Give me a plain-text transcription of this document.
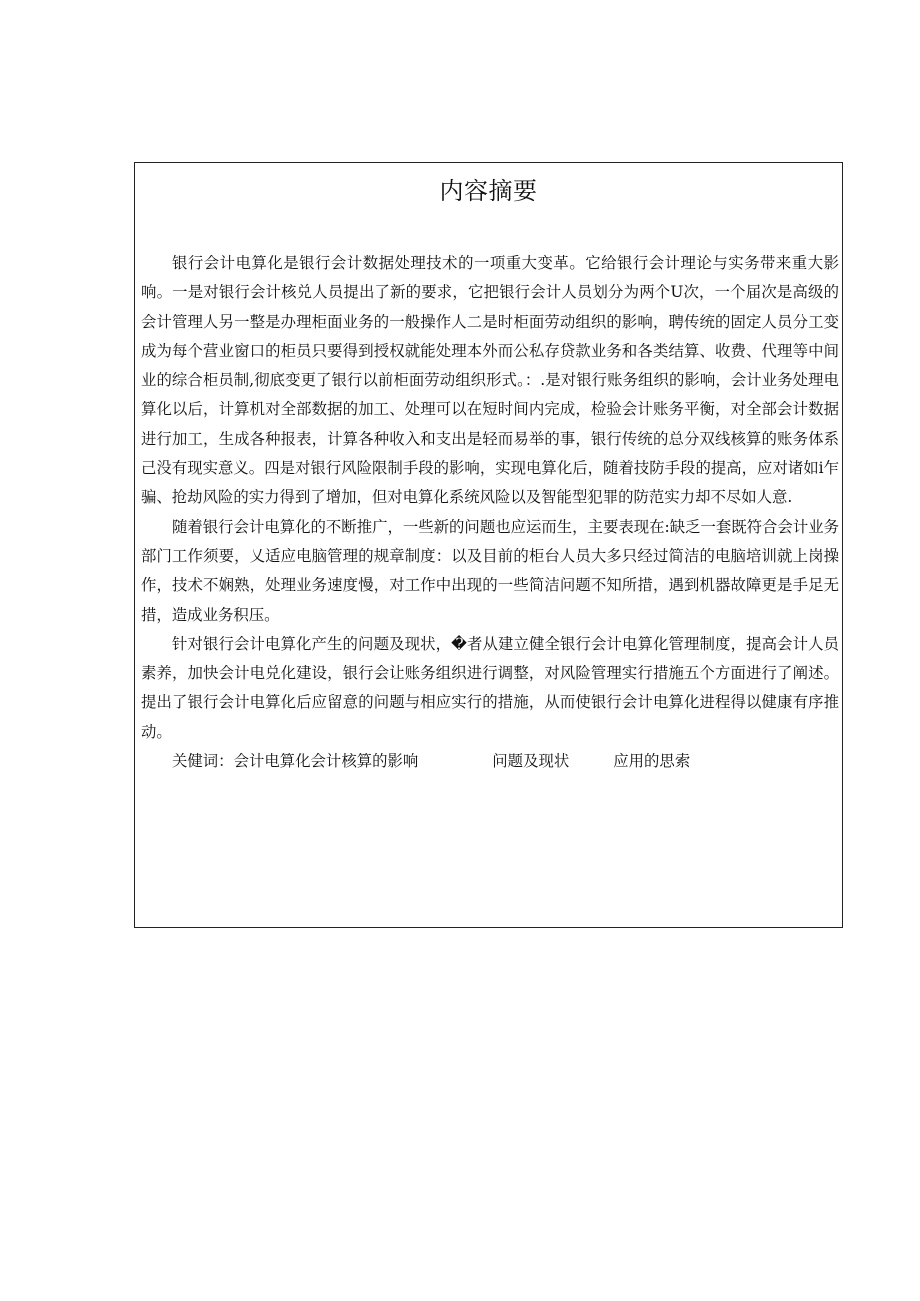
内容摘要

银行会计电算化是银行会计数据处理技术的一项重大变革。它给银行会计理论与实务带来重大影响。一是对银行会计核兑人员提出了新的要求，它把银行会计人员划分为两个U次，一个届次是高级的会计管理人另一整是办理柜面业务的一般操作人二是时柜面劳动组织的影响，聘传统的固定人员分工变成为每个营业窗口的柜员只要得到授权就能处理本外而公私存贷款业务和各类结算、收费、代理等中间业的综合柜员制,彻底变更了银行以前柜面劳动组织形式。：.是对银行账务组织的影响，会计业务处理电算化以后，计算机对全部数据的加工、处理可以在短时间内完成，检验会计账务平衡，对全部会计数据进行加工，生成各种报表，计算各种收入和支出是轻而易举的事，银行传统的总分双线核算的账务体系己没有现实意义。四是对银行风险限制手段的影响，实现电算化后，随着技防手段的提高，应对诸如i乍骗、抢劫风险的实力得到了增加，但对电算化系统风险以及智能型犯罪的防范实力却不尽如人意.

随着银行会计电算化的不断推广，一些新的问题也应运而生，主要表现在:缺乏一套既符合会计业务部门工作须要，乂适应电脑管理的规章制度：以及目前的柜台人员大多只经过简洁的电脑培训就上岗操作，技术不娴熟，处理业务速度慢，对工作中出现的一些简洁问题不知所措，遇到机器故障更是手足无措，造成业务积压。

针对银行会计电算化产生的问题及现状，�者从建立健全银行会计电算化管理制度，提高会计人员素养，加快会计电兑化建设，银行会让账务组织进行调整，对风险管理实行措施五个方面进行了阐述。提出了银行会计电算化后应留意的问题与相应实行的措施，从而使银行会计电算化进程得以健康有序推动。

关健词：会计电算化会计核算的影响	问题及现状	应用的思索
